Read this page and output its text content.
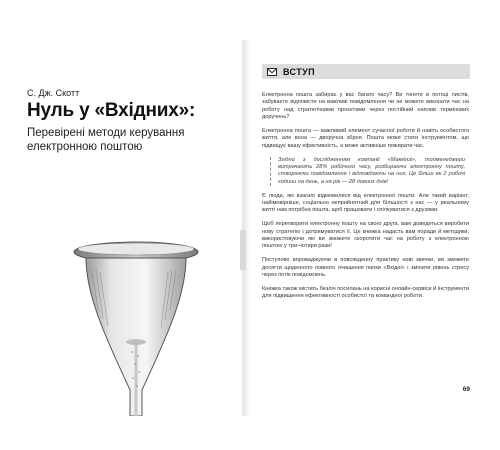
С. Дж. Скотт
Нуль у «Вхідних»:
Перевірені методи керування електронною поштою
ВСТУП

Електронна пошта забирає у вас багато часу? Ви тонете в потоці листів, забуваєте відповісти на важливі повідомлення чи не можете виконати час на роботу над стратегічними проєктами через постійний наплив термінових доручень?

Електронна пошта — важливий елемент сучасної роботи й навіть особистого життя, але вона — дворучна зброя. Пошта може стати інструментом, що підвищує вашу ефективність, а може активніше пожирати час.

Згідно з дослідженням компанії «Маккінзі», топменеджери витрачають 28% робочого часу, розбираючи електронну пошту, створюючи повідомлення і відповідаючи на них. Це більш як 2 робочі години на день, а на рік — 28 повних днів!

Є люди, які взагалі відмовилися від електронної пошти. Але такий варіант, найімовірніше, соціально неприйнятний для більшості з нас — у реальному житті нам потрібна пошта, щоб працювати і спілкуватися з друзями.

Щоб перетворити електронну пошту на свого друга, вам доведеться виробити нову стратегію і дотримуватися її. Це книжка надасть вам поради й методики, використовуючи які ви зможете скоротити час на роботу з електронною поштою у три-чотири рази!

Поступово впроваджуючи в повсякденну практику нові звички, ви зможете досягти щоденного повного очищення папки «Вхідні» і змінити рівень стресу через потік повідомлень.

Книжка також містить безліч посилань на корисні онлайн-сервіси й інструменти для підвищення ефективності особистої та командної роботи.

69
